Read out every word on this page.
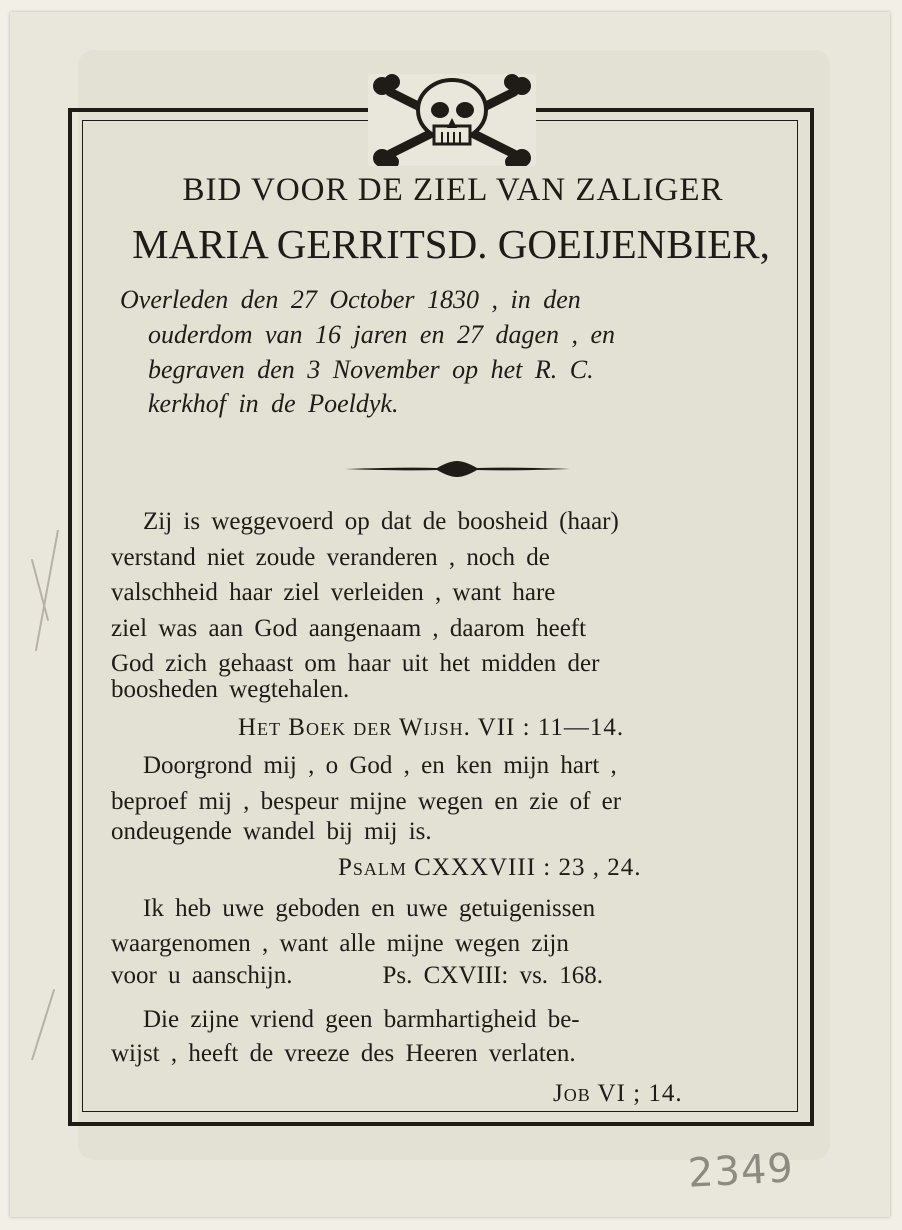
BID VOOR DE ZIEL VAN ZALIGER
MARIA GERRITSD. GOEIJENBIER,
Overleden den 27 October 1830 , in den
ouderdom van 16 jaren en 27 dagen , en
begraven den 3 November op het R. C.
kerkhof in de Poeldyk.
Zij is weggevoerd op dat de boosheid (haar)
verstand niet zoude veranderen , noch de
valschheid haar ziel verleiden , want hare
ziel was aan God aangenaam , daarom heeft
God zich gehaast om haar uit het midden der
boosheden wegtehalen.
Het Boek der Wijsh. VII : 11—14.
Doorgrond mij , o God , en ken mijn hart ,
beproef mij , bespeur mijne wegen en zie of er
ondeugende wandel bij mij is.
Psalm CXXXVIII : 23 , 24.
Ik heb uwe geboden en uwe getuigenissen
waargenomen , want alle mijne wegen zijn
voor u aanschijn.        Ps. CXVIII: vs. 168.
Die zijne vriend geen barmhartigheid be-
wijst , heeft de vreeze des Heeren verlaten.
Job VI ; 14.
2349
